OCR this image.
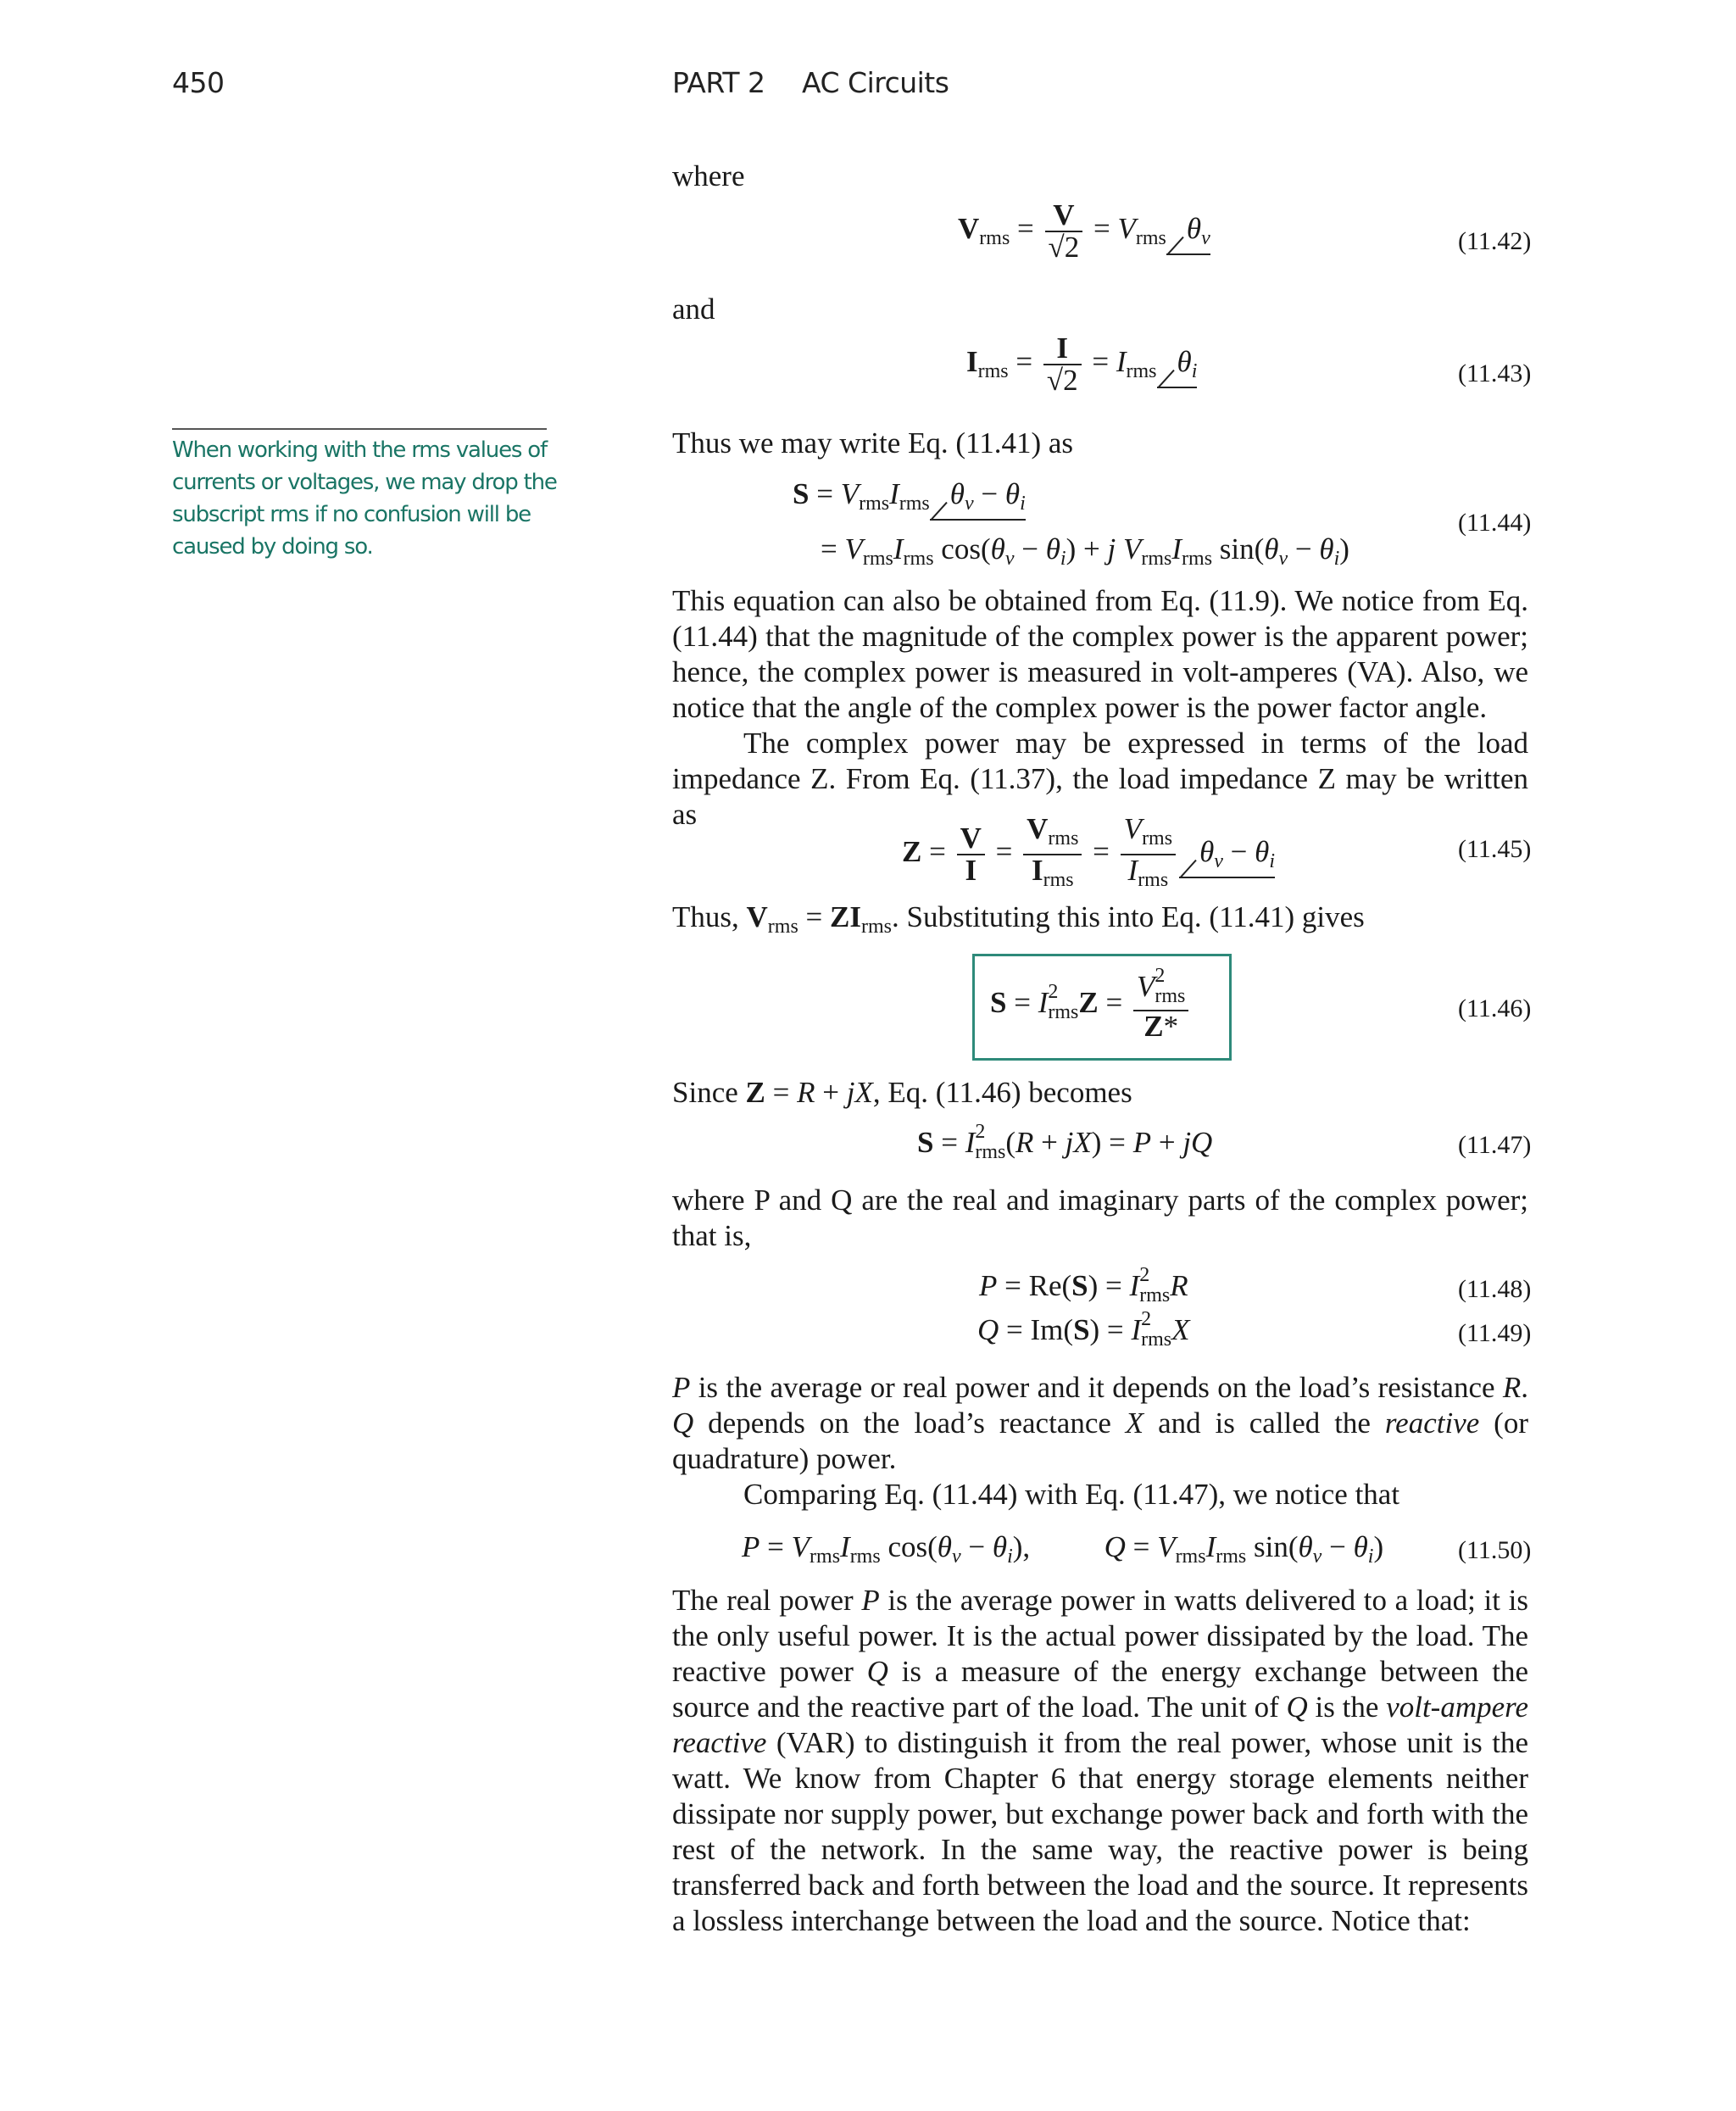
450	PART 2 AC Circuits
When working with the rms values of currents or voltages, we may drop the subscript rms if no confusion will be caused by doing so.
where
$V_{rms} = \frac{V}{√2} = V_{rms}$ $\theta_v$	(11.42)
and
$I_{rms} = \frac{I}{√2} = I_{rms}$ $\theta_i$	(11.43)
Thus we may write Eq. (11.41) as
$S = V_{rms}I_{rms}$ $\theta_v - \theta_i$
= $V_{rms}I_{rms}$ $\cos(\theta_v - \theta_i) + j$ $V_{rms}I_{rms}$ $\sin(\theta_v - \theta_i)$
(11.44)
This equation can also be obtained from Eq. (11.9). We notice from Eq. (11.44) that the magnitude of the complex power is the apparent power; hence, the complex power is measured in volt-amperes (VA). Also, we notice that the angle of the complex power is the power factor angle.
The complex power may be expressed in terms of the load impedance Z. From Eq. (11.37), the load impedance Z may be written as
$Z = \frac{V}{I} = \frac{V_{rms}}{I_{rms}} = \frac{V_{rms}}{I_{rms}} \theta_v - \theta_i$	(11.45)
Thus, $V_{rms} = ZI_{rms}$. Substituting this into Eq. (11.41) gives
S = I 2
rms Z = V 2
rms
Z*	(11.46)
Since Z = R + jX, Eq. (11.46) becomes
S = I 2
rms (R + jX) = P + jQ	(11.47)
where P and Q are the real and imaginary parts of the complex power; that is,
P = Re(S) = I 2
rms R	(11.48)
Q = Im(S) = I 2
rms X	(11.49)
P is the average or real power and it depends on the load’s resistance R. Q depends on the load’s reactance X and is called the reactive (or quadrature) power.
Comparing Eq. (11.44) with Eq. (11.47), we notice that
$P = V_{rms}I_{rms}$ $\cos(\theta_v - \theta_i)$,  $Q = V_{rms}I_{rms}$ $\sin(\theta_v - \theta_i)$	(11.50)
The real power P is the average power in watts delivered to a load; it is the only useful power. It is the actual power dissipated by the load. The reactive power Q is a measure of the energy exchange between the source and the reactive part of the load. The unit of Q is the volt-ampere reactive (VAR) to distinguish it from the real power, whose unit is the watt. We know from Chapter 6 that energy storage elements neither dissipate nor supply power, but exchange power back and forth with the rest of the network. In the same way, the reactive power is being transferred back and forth between the load and the source. It represents a lossless interchange between the load and the source. Notice that:
